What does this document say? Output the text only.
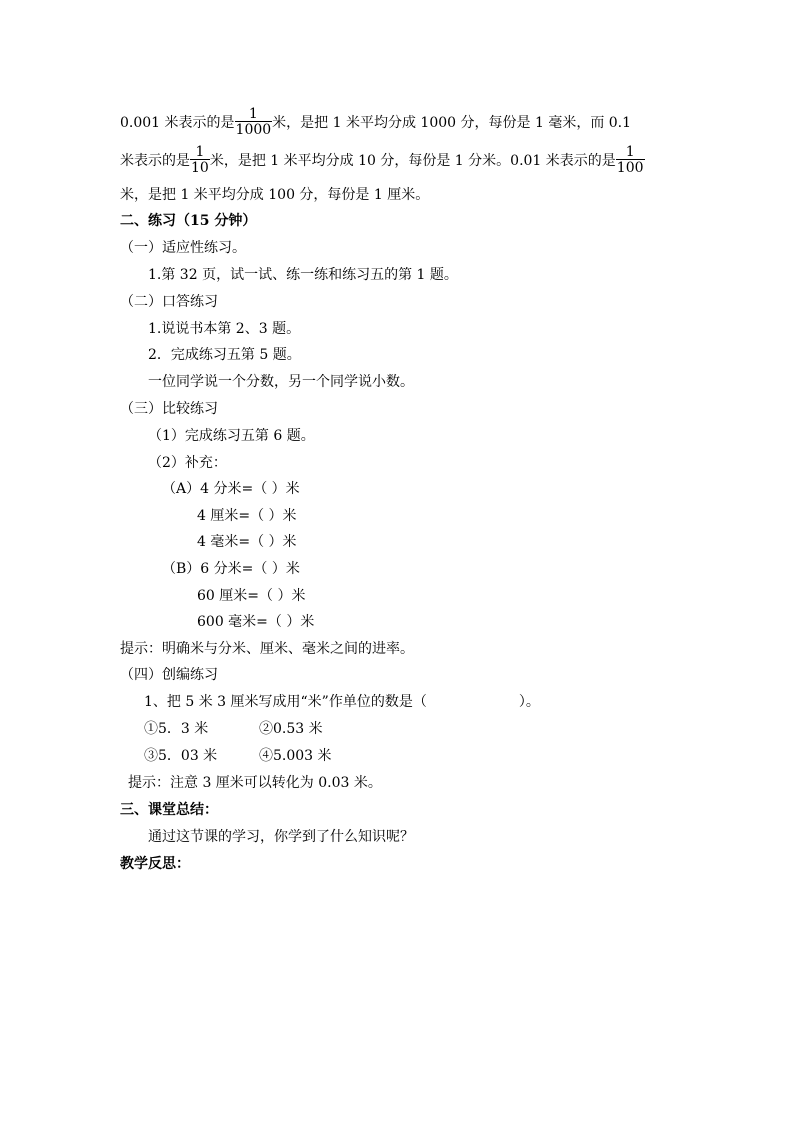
0.001 米表示的是 $\frac{1}{1000}$ 米，是把 1 米平均分成 1000 分，每份是 1 毫米，而 0.1
米表示的是 $\frac{1}{10}$ 米，是把 1 米平均分成 10 分，每份是 1 分米。0.01 米表示的是 $\frac{1}{100}$
米，是把 1 米平均分成 100 分，每份是 1 厘米。
二、练习（15 分钟）
（一）适应性练习。
1.第 32 页，试一试、练一练和练习五的第 1 题。
（二）口答练习
1.说说书本第 2、3 题。
2．完成练习五第 5 题。
一位同学说一个分数，另一个同学说小数。
（三）比较练习
（1）完成练习五第 6 题。
（2）补充：
（A）4 分米=（ ）米
4 厘米=（ ）米
4 毫米=（ ）米
（B）6 分米=（ ）米
60 厘米=（ ）米
600 毫米=（ ）米
提示：明确米与分米、厘米、毫米之间的进率。
（四）创编练习
1、把 5 米 3 厘米写成用“米”作单位的数是（	）。
①5．3 米	②0.53 米
③5．03 米	④5.003 米
提示：注意 3 厘米可以转化为 0.03 米。
三、课堂总结：
通过这节课的学习，你学到了什么知识呢？
教学反思：
